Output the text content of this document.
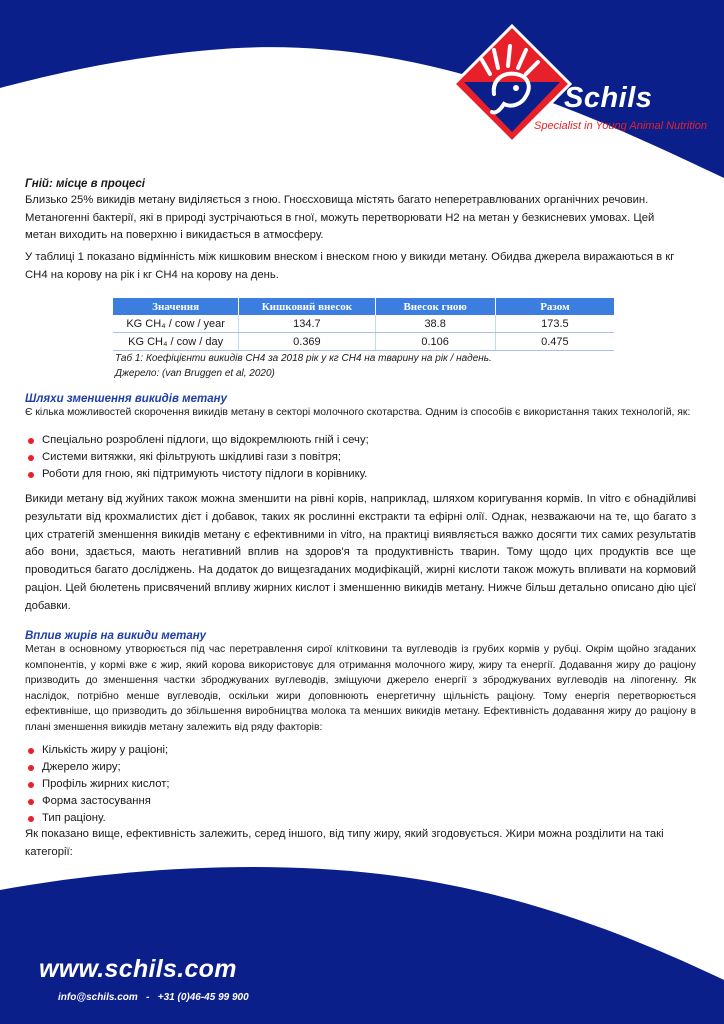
Schils
Specialist in Young Animal Nutrition
Гній: місце в процесі
Близько 25% викидів метану виділяється з гною. Гноєсховища містять багато неперетравлюваних органічних речовин.
Метаногенні бактерії, які в природі зустрічаються в гної, можуть перетворювати H2 на метан у безкисневих умовах. Цей
метан виходить на поверхню і викидається в атмосферу.
У таблиці 1 показано відмінність між кишковим внеском і внеском гною у викиди метану. Обидва джерела виражаються в кг
CH4 на корову на рік і кг CH4 на корову на день.
Значення	Кишковий внесок	Внесок гною	Разом
KG CH₄ / cow / year	134.7	38.8	173.5
KG CH₄ / cow / day	0.369	0.106	0.475
Таб 1: Коефіцієнти викидів CH4 за 2018 рік у кг CH4 на тварину на рік / надень.
Джерело: (van Bruggen et al, 2020)
Шляхи зменшення викидів метану
Є кілька можливостей скорочення викидів метану в секторі молочного скотарства. Одним із способів є використання таких технологій, як:
Спеціально розроблені підлоги, що відокремлюють гній і сечу;
Системи витяжки, які фільтрують шкідливі гази з повітря;
Роботи для гною, які підтримують чистоту підлоги в корівнику.
Викиди метану від жуйних також можна зменшити на рівні корів, наприклад, шляхом коригування кормів. In vitro є обнадійливі результати від крохмалистих дієт і добавок, таких як рослинні екстракти та ефірні олії. Однак, незважаючи на те, що багато з цих стратегій зменшення викидів метану є ефективними in vitro, на практиці виявляється важко досягти тих самих результатів або вони, здається, мають негативний вплив на здоров'я та продуктивність тварин. Тому щодо цих продуктів все ще проводиться багато досліджень. На додаток до вищезгаданих модифікацій, жирні кислоти також можуть впливати на кормовий раціон. Цей бюлетень присвячений впливу жирних кислот і зменшенню викидів метану. Нижче більш детально описано дію цієї добавки.
Вплив жирів на викиди метану
Метан в основному утворюється під час перетравлення сирої клітковини та вуглеводів із грубих кормів у рубці. Окрім щойно згаданих компонентів, у кормі вже є жир, який корова використовує для отримання молочного жиру, жиру та енергії. Додавання жиру до раціону призводить до зменшення частки зброджуваних вуглеводів, зміщуючи джерело енергії з зброджуваних вуглеводів на ліпогенну. Як наслідок, потрібно менше вуглеводів, оскільки жири доповнюють енергетичну щільність раціону. Тому енергія перетворюється ефективніше, що призводить до збільшення виробництва молока та менших викидів метану. Ефективність додавання жиру до раціону в плані зменшення викидів метану залежить від ряду факторів:
Кількість жиру у раціоні;
Джерело жиру;
Профіль жирних кислот;
Форма застосування
Тип раціону.
Як показано вище, ефективність залежить, серед іншого, від типу жиру, який згодовується. Жири можна розділити на такі
категорії:
www.schils.com
info@schils.com   -   +31 (0)46-45 99 900
